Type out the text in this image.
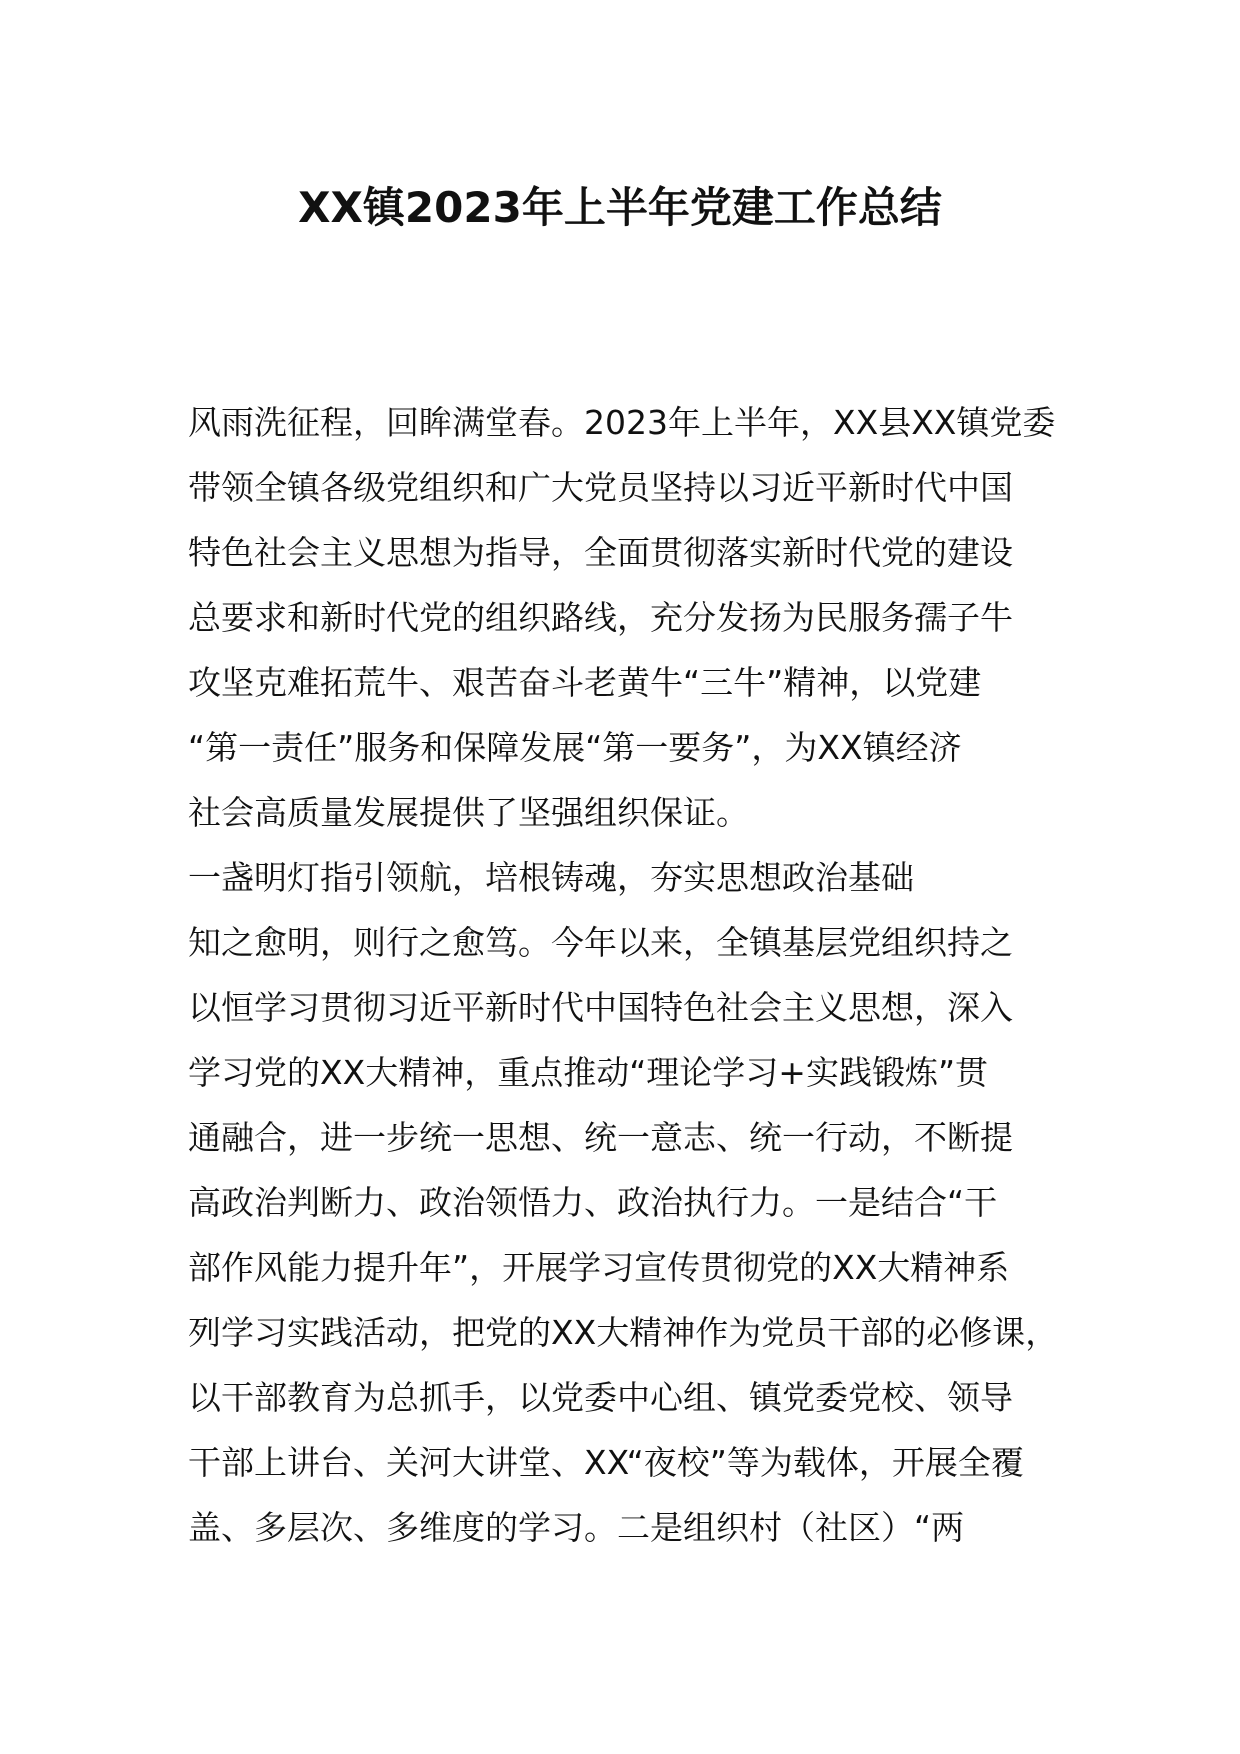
XX镇2023年上半年党建工作总结
风雨洗征程，回眸满堂春。2023年上半年，XX县XX镇党委
带领全镇各级党组织和广大党员坚持以习近平新时代中国
特色社会主义思想为指导，全面贯彻落实新时代党的建设
总要求和新时代党的组织路线，充分发扬为民服务孺子牛
攻坚克难拓荒牛、艰苦奋斗老黄牛“三牛”精神，以党建
“第一责任”服务和保障发展“第一要务”，为XX镇经济
社会高质量发展提供了坚强组织保证。
一盏明灯指引领航，培根铸魂，夯实思想政治基础
知之愈明，则行之愈笃。今年以来，全镇基层党组织持之
以恒学习贯彻习近平新时代中国特色社会主义思想，深入
学习党的XX大精神，重点推动“理论学习+实践锻炼”贯
通融合，进一步统一思想、统一意志、统一行动，不断提
高政治判断力、政治领悟力、政治执行力。一是结合“干
部作风能力提升年”，开展学习宣传贯彻党的XX大精神系
列学习实践活动，把党的XX大精神作为党员干部的必修课，
以干部教育为总抓手，以党委中心组、镇党委党校、领导
干部上讲台、关河大讲堂、XX“夜校”等为载体，开展全覆
盖、多层次、多维度的学习。二是组织村（社区）“两
